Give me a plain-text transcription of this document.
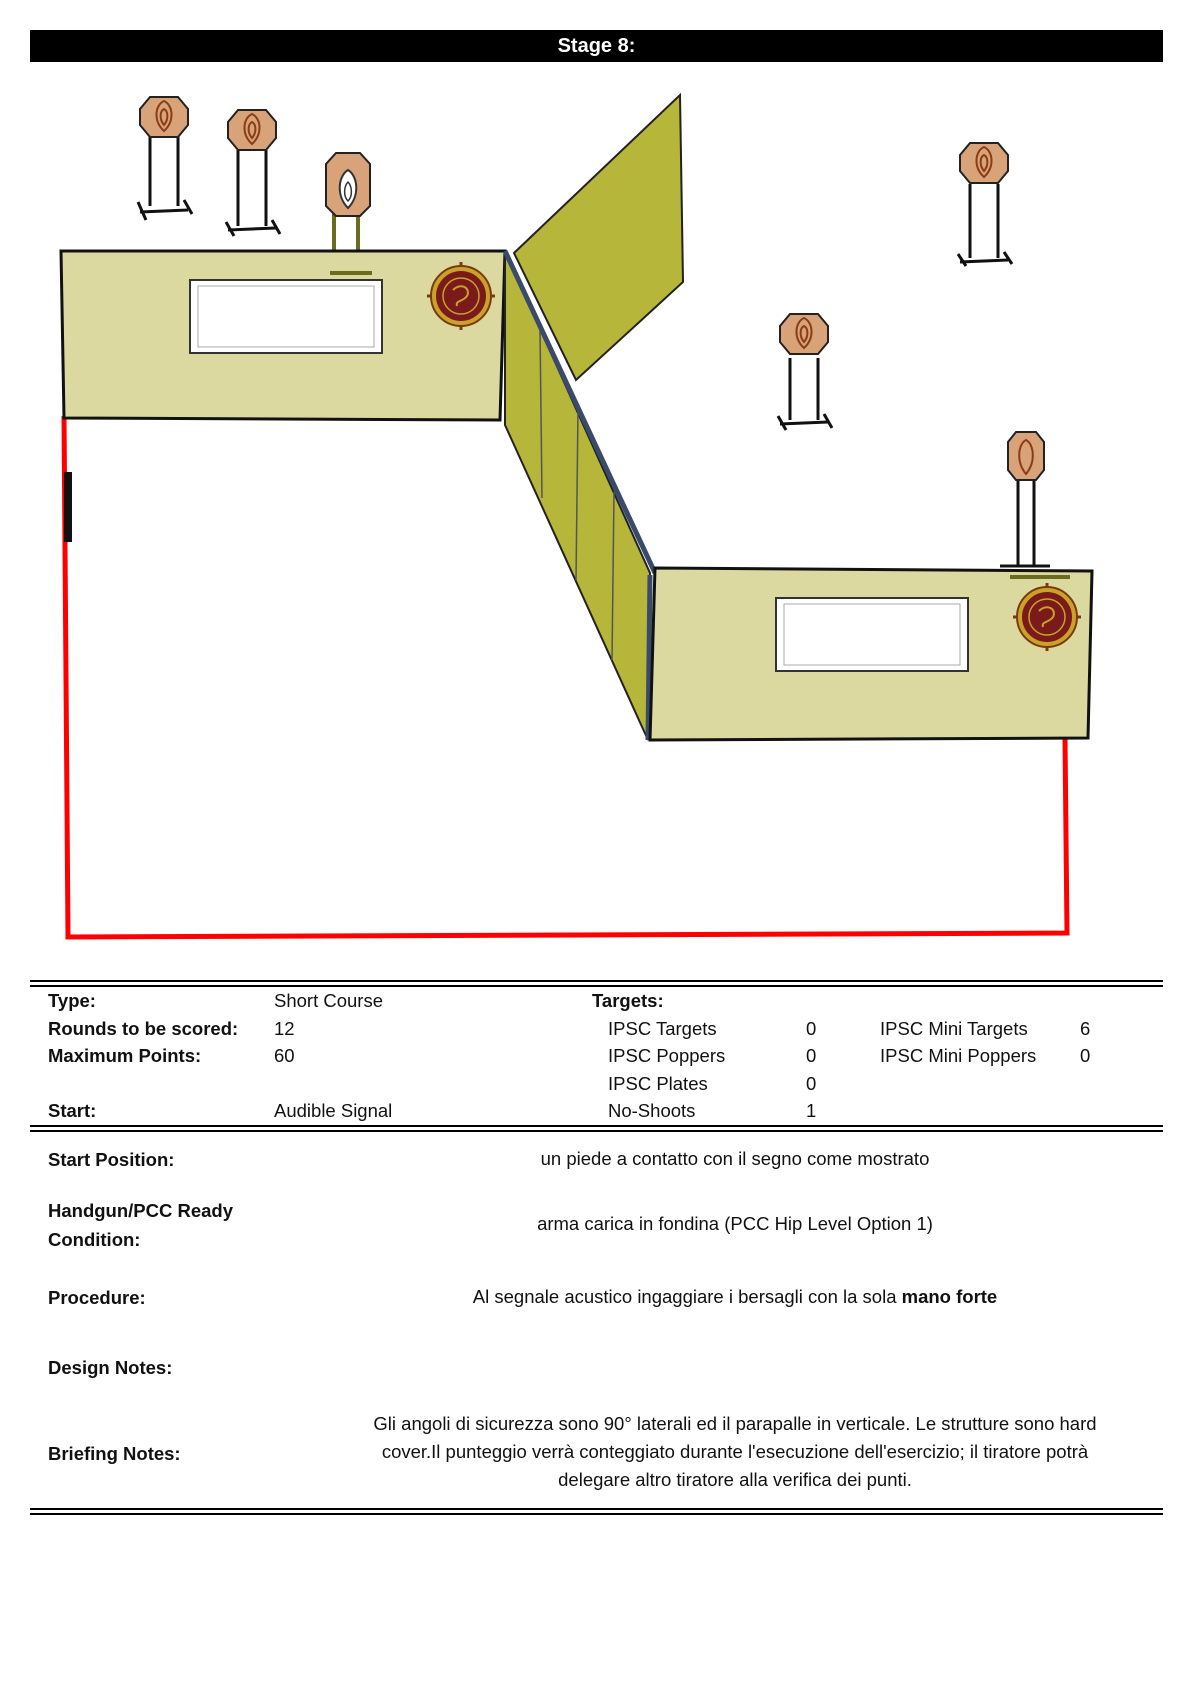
Stage 8:
Type:	Short Course	Targets:
Rounds to be scored: 12	IPSC Targets	0	IPSC Mini Targets	6
Maximum Points:	60	IPSC Poppers	0	IPSC Mini Poppers 0
IPSC Plates	0
Start:	Audible Signal	No-Shoots	1
Start Position:	un piede a contatto con il segno come mostrato
Handgun/PCC Ready
Condition:
arma carica in fondina (PCC Hip Level Option 1)
Procedure:	Al segnale acustico ingaggiare i bersagli con la sola mano forte
Design Notes:
Briefing Notes:
Gli angoli di sicurezza sono 90° laterali ed il parapalle in verticale. Le strutture sono hard
cover.Il punteggio verrà conteggiato durante l'esecuzione dell'esercizio; il tiratore potrà
delegare altro tiratore alla verifica dei punti.
